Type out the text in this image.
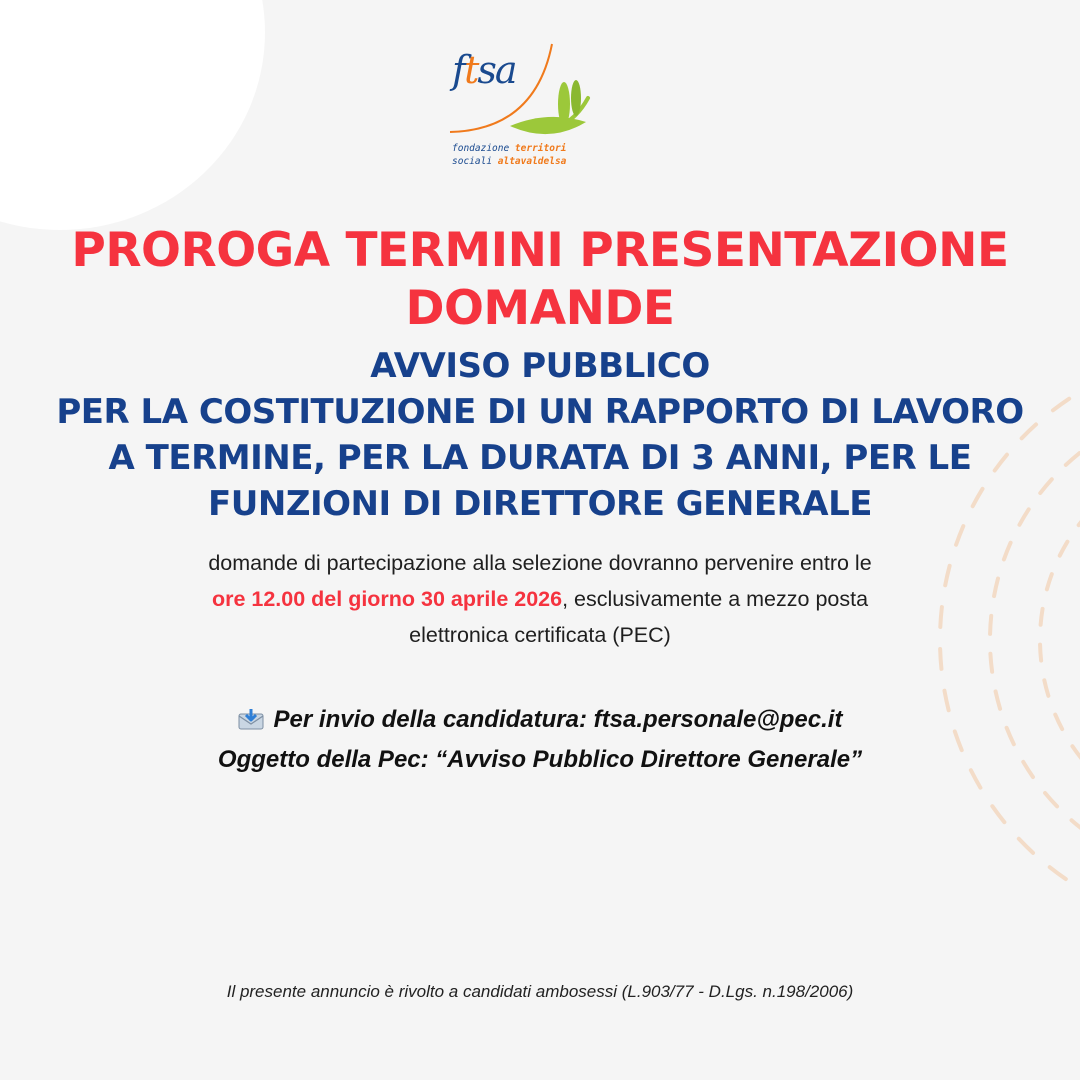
ftsa
fondazione territori
sociali altavaldelsa
PROROGA TERMINI PRESENTAZIONE
DOMANDE
AVVISO PUBBLICO
PER LA COSTITUZIONE DI UN RAPPORTO DI LAVORO
A TERMINE, PER LA DURATA DI 3 ANNI, PER LE
FUNZIONI DI DIRETTORE GENERALE
domande di partecipazione alla selezione dovranno pervenire entro le
ore 12.00 del giorno 30 aprile 2026, esclusivamente a mezzo posta
elettronica certificata (PEC)
Per invio della candidatura: ftsa.personale@pec.it
Oggetto della Pec: “Avviso Pubblico Direttore Generale”
Il presente annuncio è rivolto a candidati ambosessi (L.903/77 - D.Lgs. n.198/2006)
